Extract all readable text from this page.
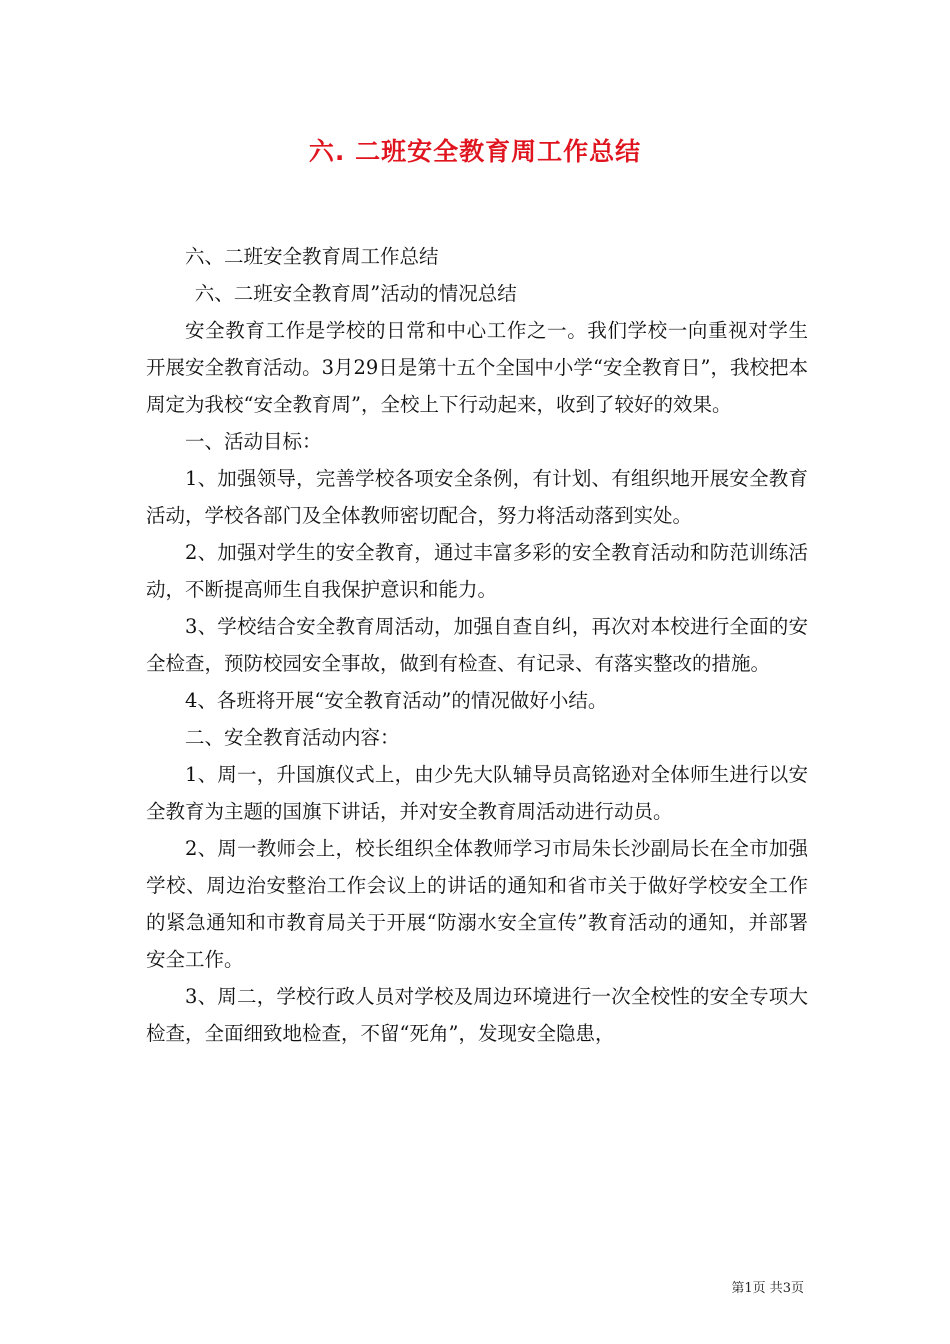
六. 二班安全教育周工作总结

六、二班安全教育周工作总结

六、二班安全教育周”活动的情况总结

安全教育工作是学校的日常和中心工作之一。我们学校一向重视对学生开展安全教育活动。3月29日是第十五个全国中小学“安全教育日”，我校把本周定为我校“安全教育周”，全校上下行动起来，收到了较好的效果。

一、活动目标：

1、加强领导，完善学校各项安全条例，有计划、有组织地开展安全教育活动，学校各部门及全体教师密切配合，努力将活动落到实处。

2、加强对学生的安全教育，通过丰富多彩的安全教育活动和防范训练活动，不断提高师生自我保护意识和能力。

3、学校结合安全教育周活动，加强自查自纠，再次对本校进行全面的安全检查，预防校园安全事故，做到有检查、有记录、有落实整改的措施。

4、各班将开展“安全教育活动”的情况做好小结。

二、安全教育活动内容：

1、周一，升国旗仪式上，由少先大队辅导员高铭逊对全体师生进行以安全教育为主题的国旗下讲话，并对安全教育周活动进行动员。

2、周一教师会上，校长组织全体教师学习市局朱长沙副局长在全市加强学校、周边治安整治工作会议上的讲话的通知和省市关于做好学校安全工作的紧急通知和市教育局关于开展“防溺水安全宣传”教育活动的通知，并部署安全工作。

3、周二，学校行政人员对学校及周边环境进行一次全校性的安全专项大检查，全面细致地检查，不留“死角”，发现安全隐患，

第1页 共3页
